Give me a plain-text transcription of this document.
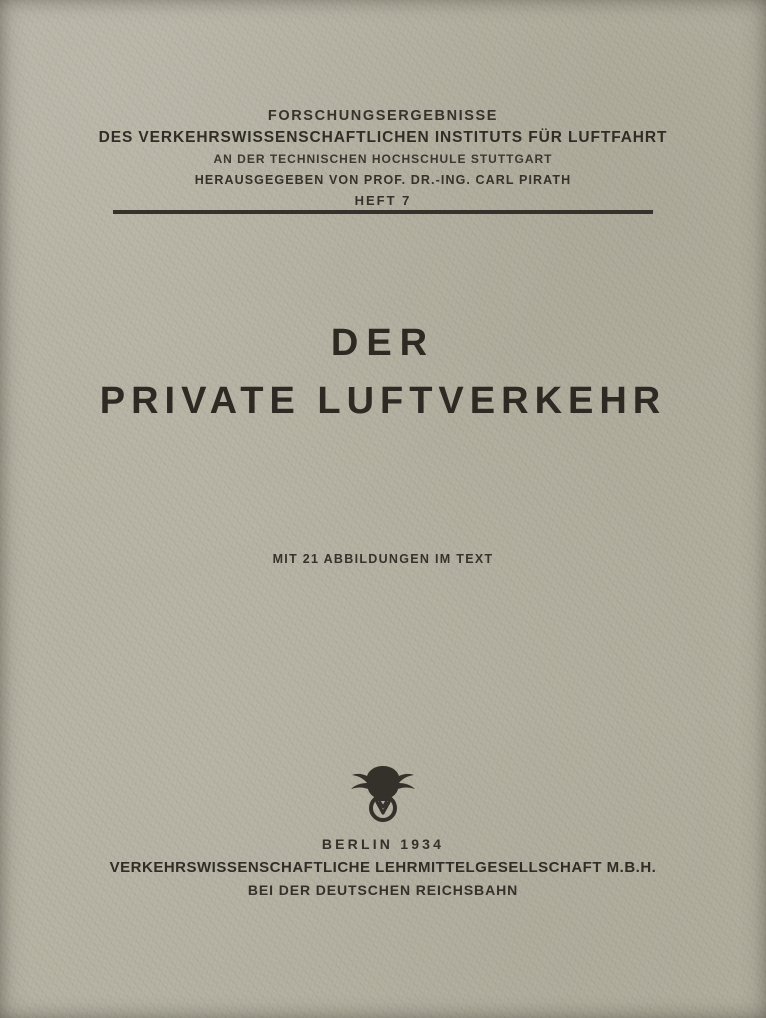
FORSCHUNGSERGEBNISSE
DES VERKEHRSWISSENSCHAFTLICHEN INSTITUTS FÜR LUFTFAHRT
AN DER TECHNISCHEN HOCHSCHULE STUTTGART
HERAUSGEGEBEN VON PROF. DR.-ING. CARL PIRATH
HEFT 7
DER
PRIVATE LUFTVERKEHR
MIT 21 ABBILDUNGEN IM TEXT
BERLIN 1934
VERKEHRSWISSENSCHAFTLICHE LEHRMITTELGESELLSCHAFT M.B.H.
BEI DER DEUTSCHEN REICHSBAHN
